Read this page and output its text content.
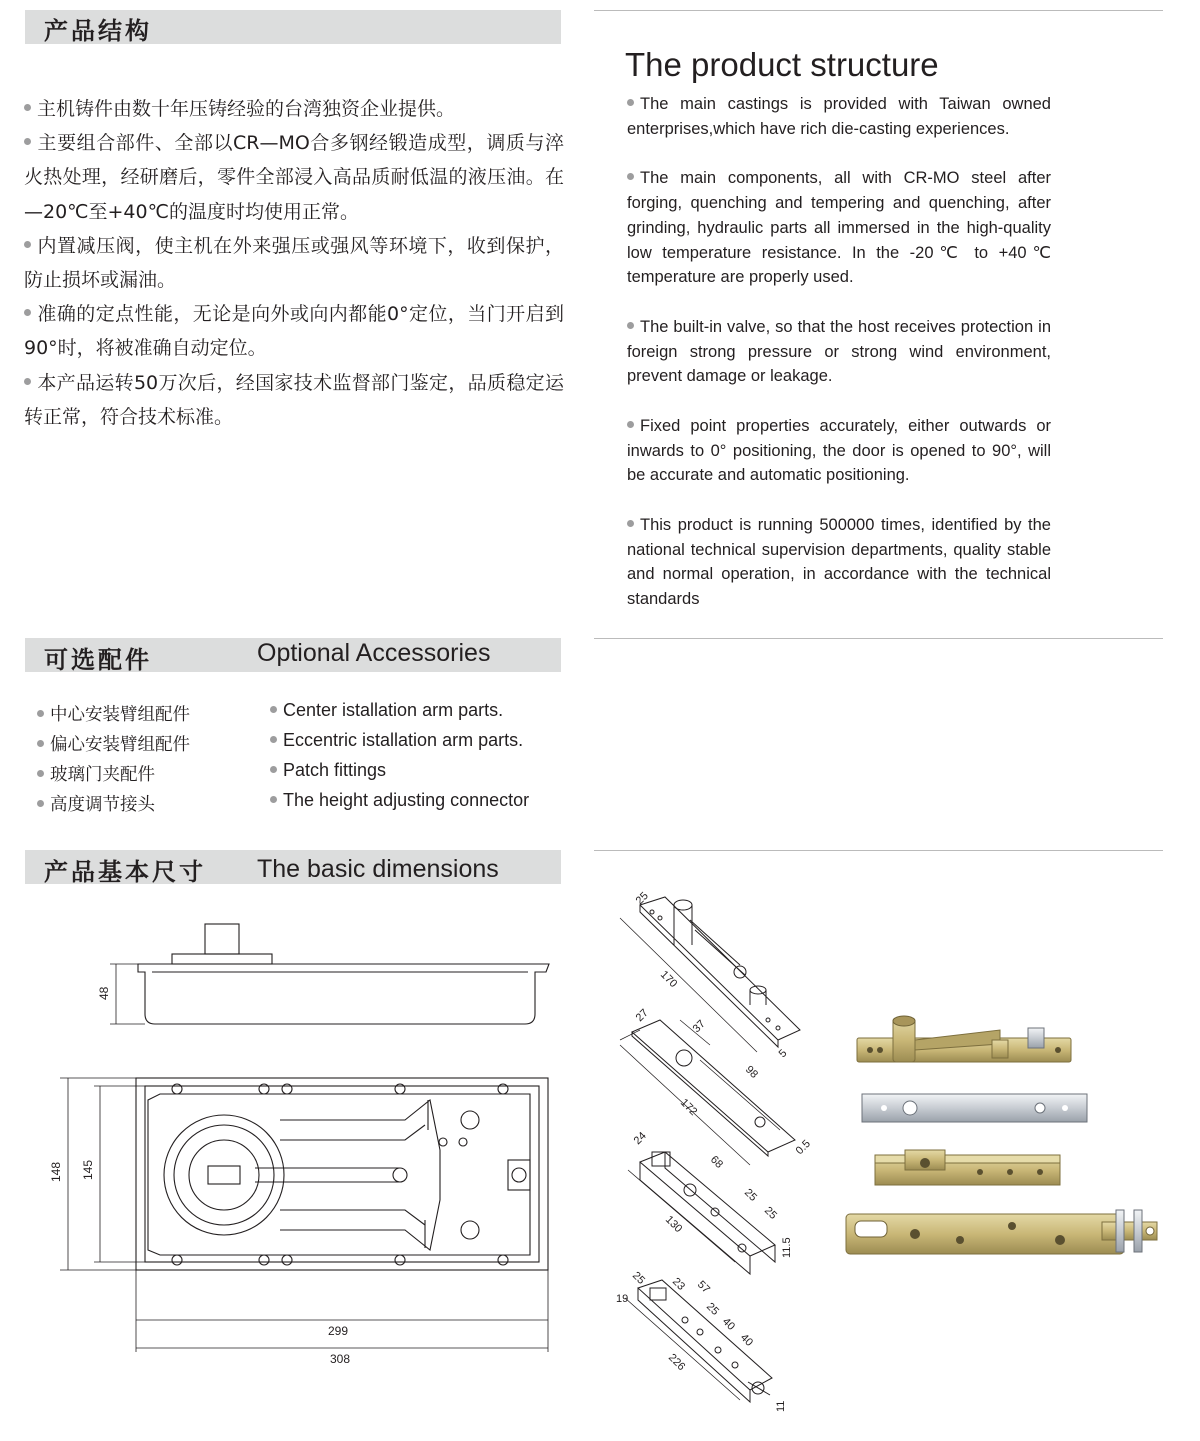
产品结构

主机铸件由数十年压铸经验的台湾独资企业提供。

主要组合部件、全部以CR—MO合多钢经锻造成型，调质与淬火热处理，经研磨后，零件全部浸入高品质耐低温的液压油。在—20℃至+40℃的温度时均使用正常。

内置减压阀，使主机在外来强压或强风等环境下，收到保护，防止损坏或漏油。

准确的定点性能，无论是向外或向内都能0°定位，当门开启到90°时，将被准确自动定位。

本产品运转50万次后，经国家技术监督部门鉴定，品质稳定运转正常，符合技术标准。

The product structure

The main castings is provided with Taiwan owned enterprises,which have rich die-casting experiences.

The main components, all with CR-MO steel after forging, quenching and tempering and quenching, after grinding, hydraulic parts all immersed in the high-quality low temperature resistance. In the -20℃ to +40℃ temperature are properly used.

The built-in valve, so that the host receives protection in foreign strong pressure or strong wind environment, prevent damage or leakage.

Fixed point properties accurately, either outwards or inwards to 0° positioning, the door is opened to 90°, will be accurate and automatic positioning.

This product is running 500000 times, identified by the national technical supervision departments, quality stable and normal operation, in accordance with the technical standards

可选配件	Optional Accessories
中心安装臂组配件
偏心安装臂组配件
玻璃门夹配件
高度调节接头
Center istallation arm parts.
Eccentric istallation arm parts.
Patch fittings
The height adjusting connector
产品基本尺寸 The basic dimensions
48
148 145
299
308
25
170
5
27
37
98
172
0.5
24
68
25
25
130
11.5
25
19
23 57
25
40
40
226
11
